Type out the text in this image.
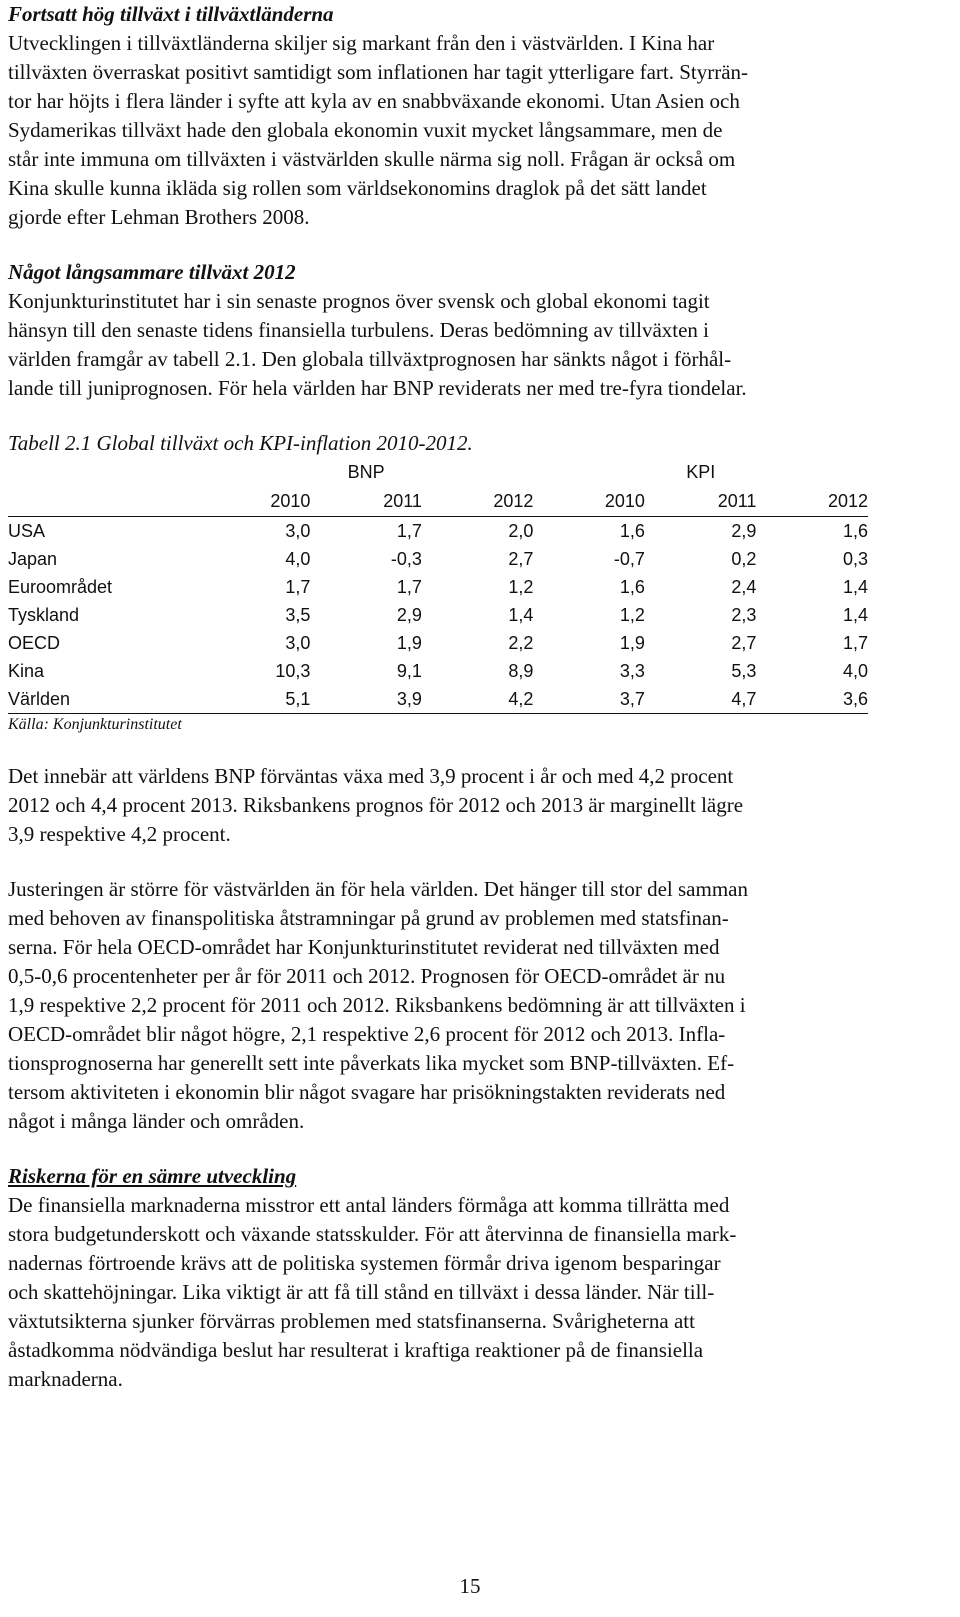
Fortsatt hög tillväxt i tillväxtländerna

Utvecklingen i tillväxtländerna skiljer sig markant från den i västvärlden. I Kina har

tillväxten överraskat positivt samtidigt som inflationen har tagit ytterligare fart. Styrrän-

tor har höjts i flera länder i syfte att kyla av en snabbväxande ekonomi. Utan Asien och

Sydamerikas tillväxt hade den globala ekonomin vuxit mycket långsammare, men de

står inte immuna om tillväxten i västvärlden skulle närma sig noll. Frågan är också om

Kina skulle kunna ikläda sig rollen som världsekonomins draglok på det sätt landet

gjorde efter Lehman Brothers 2008.

Något långsammare tillväxt 2012

Konjunkturinstitutet har i sin senaste prognos över svensk och global ekonomi tagit

hänsyn till den senaste tidens finansiella turbulens. Deras bedömning av tillväxten i

världen framgår av tabell 2.1. Den globala tillväxtprognosen har sänkts något i förhål-

lande till juniprognosen. För hela världen har BNP reviderats ner med tre-fyra tiondelar.

Tabell 2.1 Global tillväxt och KPI-inflation 2010-2012.

		BNP			KPI	
	2010	2011	2012	2010	2011	2012
USA	3,0	1,7	2,0	1,6	2,9	1,6
Japan	4,0	-0,3	2,7	-0,7	0,2	0,3
Euroområdet	1,7	1,7	1,2	1,6	2,4	1,4
Tyskland	3,5	2,9	1,4	1,2	2,3	1,4
OECD	3,0	1,9	2,2	1,9	2,7	1,7
Kina	10,3	9,1	8,9	3,3	5,3	4,0
Världen	5,1	3,9	4,2	3,7	4,7	3,6

Källa: Konjunkturinstitutet

Det innebär att världens BNP förväntas växa med 3,9 procent i år och med 4,2 procent

2012 och 4,4 procent 2013. Riksbankens prognos för 2012 och 2013 är marginellt lägre

3,9 respektive 4,2 procent.

Justeringen är större för västvärlden än för hela världen. Det hänger till stor del samman

med behoven av finanspolitiska åtstramningar på grund av problemen med statsfinan-

serna. För hela OECD-området har Konjunkturinstitutet reviderat ned tillväxten med

0,5-0,6 procentenheter per år för 2011 och 2012. Prognosen för OECD-området är nu

1,9 respektive 2,2 procent för 2011 och 2012. Riksbankens bedömning är att tillväxten i

OECD-området blir något högre, 2,1 respektive 2,6 procent för 2012 och 2013. Infla-

tionsprognoserna har generellt sett inte påverkats lika mycket som BNP-tillväxten. Ef-

tersom aktiviteten i ekonomin blir något svagare har prisökningstakten reviderats ned

något i många länder och områden.

Riskerna för en sämre utveckling

De finansiella marknaderna misstror ett antal länders förmåga att komma tillrätta med

stora budgetunderskott och växande statsskulder. För att återvinna de finansiella mark-

nadernas förtroende krävs att de politiska systemen förmår driva igenom besparingar

och skattehöjningar. Lika viktigt är att få till stånd en tillväxt i dessa länder. När till-

växtutsikterna sjunker förvärras problemen med statsfinanserna. Svårigheterna att

åstadkomma nödvändiga beslut har resulterat i kraftiga reaktioner på de finansiella

marknaderna.

15
